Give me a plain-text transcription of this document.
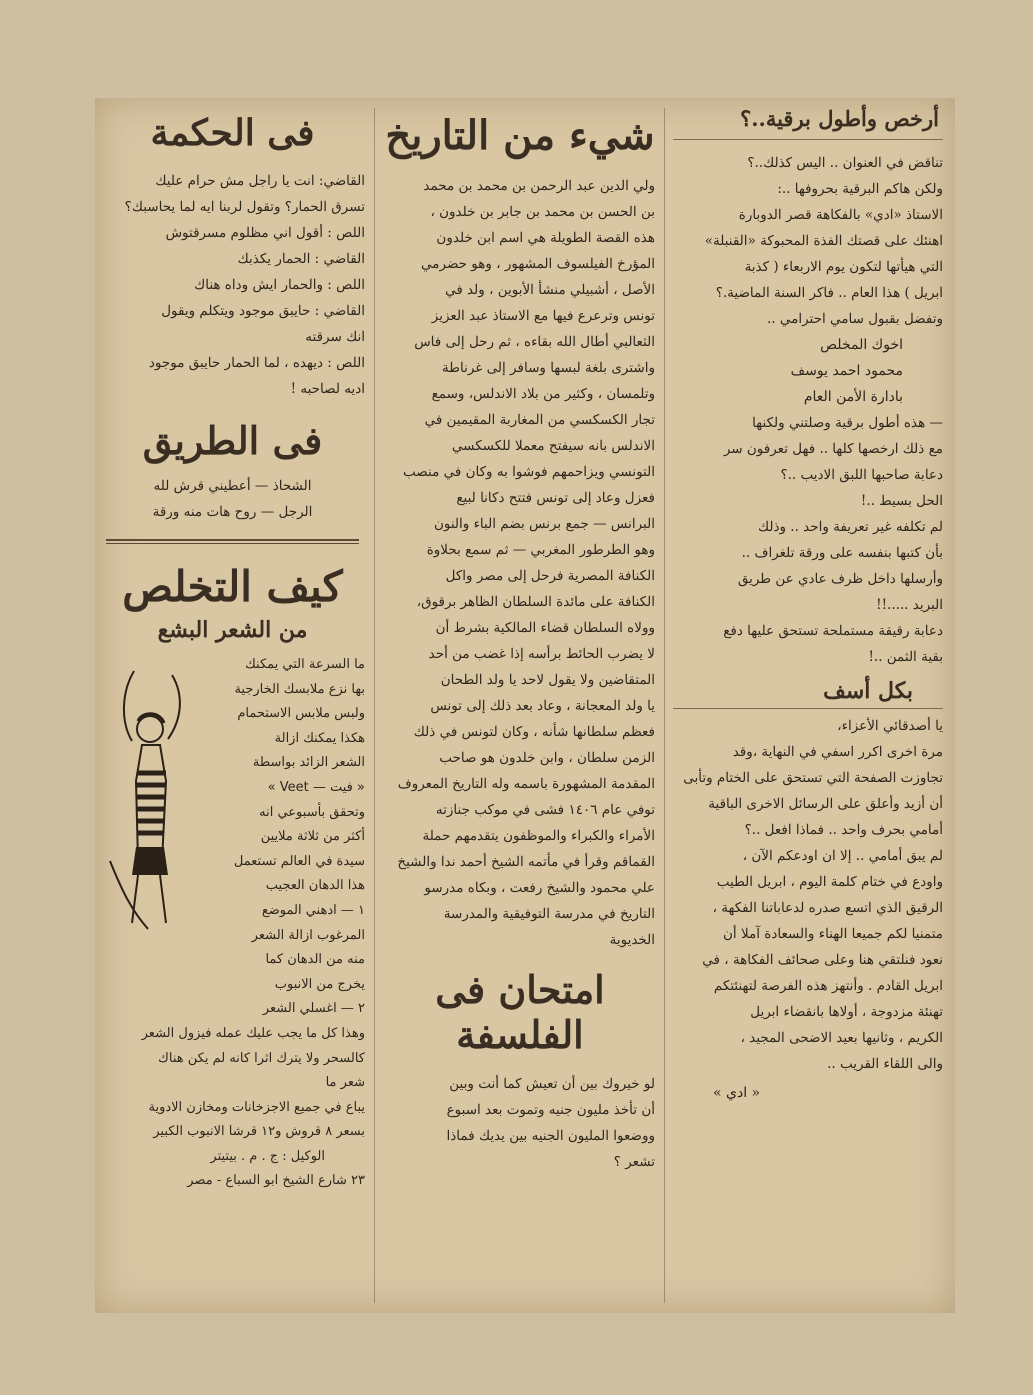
أرخص وأطول برقية..؟
تناقض في العنوان .. اليس كذلك..؟
ولكن هاكم البرقية بحروفها ..:
الاستاذ «ادي» بالفكاهة قصر الدوبارة
اهنئك على قصتك الفذة المحبوكة «القنبلة»
التي هيأتها لتكون يوم الاربعاء ( كذبة
ابريل ) هذا العام .. فاكر السنة الماضية.؟
وتفضل بقبول سامي احترامي ..
اخوك المخلص
محمود احمد يوسف
بادارة الأمن العام
— هذه أطول برقية وصلتني ولكنها
مع ذلك ارخصها كلها .. فهل تعرفون سر
دعابة صاحبها اللبق الاديب ..؟
الحل بسيط ..!
لم تكلفه غير تعريفة واحد .. وذلك
بأن كتبها بنفسه على ورقة تلغراف ..
وأرسلها داخل ظرف عادي عن طريق
البريد .....!!
دعابة رقيقة مستملحة تستحق عليها دفع
بقية الثمن ..!
بكل أسف
يا أصدقائي الأعزاء،
مرة اخرى اكرر اسفي في النهاية ،وقد
تجاوزت الصفحة التي تستحق على الختام وتأبى
أن أزيد وأعلق على الرسائل الاخرى الباقية
أمامي بحرف واحد .. فماذا افعل ..؟
لم يبق أمامي .. إلا ان اودعكم الآن ،
واودع في ختام كلمة اليوم ، ابريل الطيب
الرقيق الذي اتسع صدره لدعاباتنا الفكهة ،
متمنيا لكم جميعا الهناء والسعادة آملا أن
نعود فنلتقي هنا وعلى صحائف الفكاهة ، في
ابريل القادم . وأنتهز هذه الفرصة لتهنئتكم
تهنئة مزدوجة ، أولاها بانقضاء ابريل
الكريم ، وثانيها بعيد الاضحى المجيد ،
والى اللقاء القريب ..
« ادي »
شيء من التاريخ
ولي الدين عبد الرحمن بن محمد بن محمد
بن الحسن بن محمد بن جابر بن خلدون ،
هذه القصة الطويلة هي اسم ابن خلدون
المؤرخ الفيلسوف المشهور ، وهو حضرمي
الأصل ، أشبيلي منشأ الأبوين ، ولد في
تونس وترعرع فيها مع الاستاذ عبد العزيز
الثعالبي أطال الله بقاءه ، ثم رحل إلى فاس
واشترى بلغة لبسها وسافر إلى غرناطة
وتلمسان ، وكثير من بلاد الاندلس، وسمع
تجار الكسكسي من المغاربة المقيمين في
الاندلس بانه سيفتح معملا للكسكسي
التونسي ويزاحمهم فوشوا به وكان في منصب
فعزل وعاد إلى تونس فتتح دكانا لبيع
البرانس — جمع برنس بضم الباء والنون
وهو الطرطور المغربي — ثم سمع بحلاوة
الكنافة المصرية فرحل إلى مصر واكل
الكنافة على مائدة السلطان الظاهر برقوق،
وولاه السلطان قضاء المالكية بشرط أن
لا يضرب الحائط برأسه إذا غضب من أحد
المتقاضين ولا يقول لاحد يا ولد الطحان
يا ولد المعجانة ، وعاد بعد ذلك إلى تونس
فعظم سلطانها شأنه ، وكان لتونس في ذلك
الزمن سلطان ، وابن خلدون هو صاحب
المقدمة المشهورة باسمه وله التاريخ المعروف
توفي عام ١٤٠٦ فشى في موكب جنازته
الأمراء والكبراء والموظفون يتقدمهم حملة
القماقم وقرأ في مأتمه الشيخ أحمد ندا والشيخ
علي محمود والشيخ رفعت ، وبكاه مدرسو
التاريخ في مدرسة التوفيقية والمدرسة
الخديوية
امتحان فى الفلسفة
لو خيروك بين أن تعيش كما أنت وبين
أن تأخذ مليون جنيه وتموت بعد اسبوع
ووضعوا المليون الجنيه بين يديك فماذا
تشعر ؟
فى الحكمة
القاضي: انت يا راجل مش حرام عليك
تسرق الحمار؟ وتقول لربنا ايه لما يحاسبك؟
اللص : أقول اني مظلوم مسرقتوش
القاضي : الحمار يكذبك
اللص : والحمار ايش وداه هناك
القاضي : حايبق موجود ويتكلم ويقول
انك سرقته
اللص : ديهده ، لما الحمار حايبق موجود
اديه لصاحبه !
فى الطريق
الشحاذ — أعطيني قرش لله
الرجل — روح هات منه ورقة
كيف التخلص
من الشعر البشع
ما السرعة التي يمكنك
بها نزع ملابسك الخارجية
ولبس ملابس الاستحمام
هكذا يمكنك ازالة
الشعر الزائد بواسطة
« فيت — Veet »
وتحقق بأسبوعي انه
أكثر من ثلاثة ملايين
سيدة في العالم تستعمل
هذا الدهان العجيب
١ — ادهني الموضع
المرغوب ازالة الشعر
منه من الدهان كما
يخرج من الانبوب
٢ — اغسلي الشعر
وهذا كل ما يجب عليك عمله فيزول الشعر
كالسحر ولا يترك اثرا كانه لم يكن هناك
شعر ما
يباع في جميع الاجزخانات ومخازن الادوية
بسعر ٨ قروش و١٢ قرشا الانبوب الكبير
الوكيل : ج . م . بيتيتر
٢٣ شارع الشيخ ابو السباع - مصر
